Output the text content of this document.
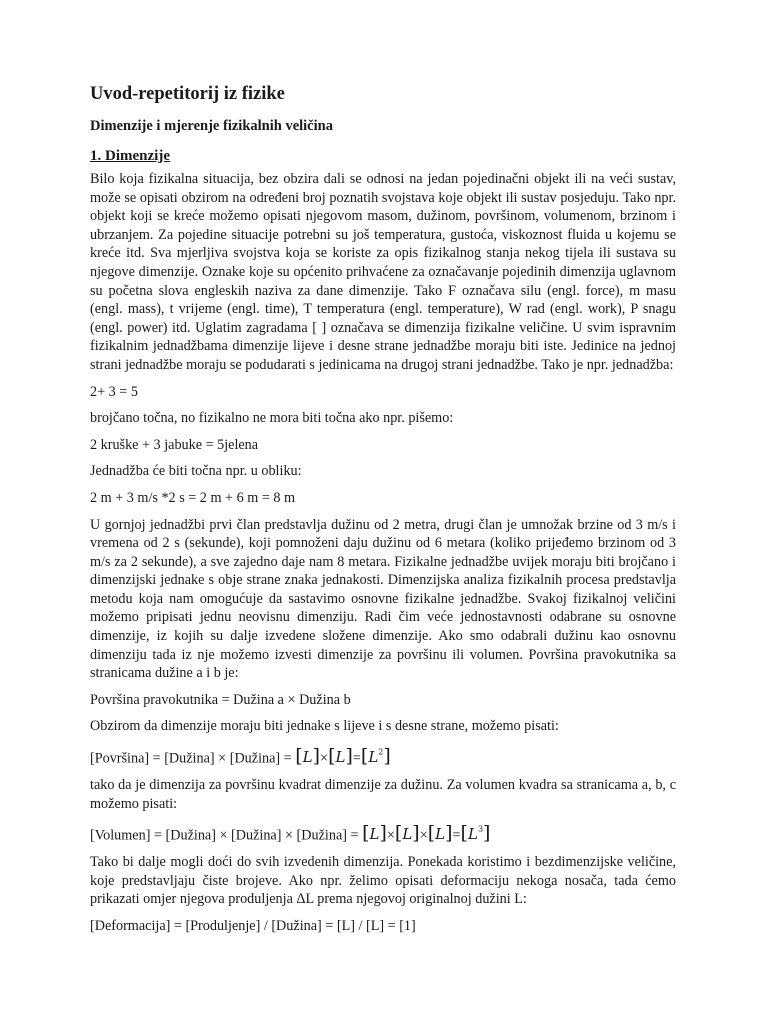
Uvod-repetitorij iz fizike
Dimenzije i mjerenje fizikalnih veličina
1. Dimenzije
Bilo koja fizikalna situacija, bez obzira dali se odnosi na jedan pojedinačni objekt ili na veći sustav, može se opisati obzirom na određeni broj poznatih svojstava koje objekt ili sustav posjeduju. Tako npr. objekt koji se kreće možemo opisati njegovom masom, dužinom, površinom, volumenom, brzinom i ubrzanjem. Za pojedine situacije potrebni su još temperatura, gustoća, viskoznost fluida u kojemu se kreće itd. Sva mjerljiva svojstva koja se koriste za opis fizikalnog stanja nekog tijela ili sustava su njegove dimenzije. Oznake koje su općenito prihvaćene za označavanje pojedinih dimenzija uglavnom su početna slova engleskih naziva za dane dimenzije. Tako F označava silu (engl. force), m masu (engl. mass), t vrijeme (engl. time), T temperatura (engl. temperature), W rad (engl. work), P snagu (engl. power) itd. Uglatim zagradama [ ] označava se dimenzija fizikalne veličine. U svim ispravnim fizikalnim jednadžbama dimenzije lijeve i desne strane jednadžbe moraju biti iste. Jedinice na jednoj strani jednadžbe moraju se podudarati s jedinicama na drugoj strani jednadžbe. Tako je npr. jednadžba:
2+ 3 = 5
brojčano točna, no fizikalno ne mora biti točna ako npr. pišemo:
2 kruške + 3 jabuke = 5jelena
Jednadžba će biti točna npr. u obliku:
2 m + 3 m/s *2 s = 2 m + 6 m = 8 m
U gornjoj jednadžbi prvi član predstavlja dužinu od 2 metra, drugi član je umnožak brzine od 3 m/s i vremena od 2 s (sekunde), koji pomnoženi daju dužinu od 6 metara (koliko prijeđemo brzinom od 3 m/s za 2 sekunde), a sve zajedno daje nam 8 metara. Fizikalne jednadžbe uvijek moraju biti brojčano i dimenzijski jednake s obje strane znaka jednakosti. Dimenzijska analiza fizikalnih procesa predstavlja metodu koja nam omogućuje da sastavimo osnovne fizikalne jednadžbe. Svakoj fizikalnoj veličini možemo pripisati jednu neovisnu dimenziju. Radi čim veće jednostavnosti odabrane su osnovne dimenzije, iz kojih su dalje izvedene složene dimenzije. Ako smo odabrali dužinu kao osnovnu dimenziju tada iz nje možemo izvesti dimenzije za površinu ili volumen. Površina pravokutnika sa stranicama dužine a i b je:
Površina pravokutnika = Dužina a × Dužina b
Obzirom da dimenzije moraju biti jednake s lijeve i s desne strane, možemo pisati:
[Površina] = [Dužina] × [Dužina] = $[L]\times[L]=[L^2]$
tako da je dimenzija za površinu kvadrat dimenzije za dužinu. Za volumen kvadra sa stranicama a, b, c možemo pisati:
[Volumen] = [Dužina] × [Dužina] × [Dužina] = $[L]\times[L]\times[L]=[L^3]$
Tako bi dalje mogli doći do svih izvedenih dimenzija. Ponekada koristimo i bezdimenzijske veličine, koje predstavljaju čiste brojeve. Ako npr. želimo opisati deformaciju nekoga nosača, tada ćemo prikazati omjer njegova produljenja ΔL prema njegovoj originalnoj dužini L:
[Deformacija] = [Produljenje] / [Dužina] = [L] / [L] = [1]
